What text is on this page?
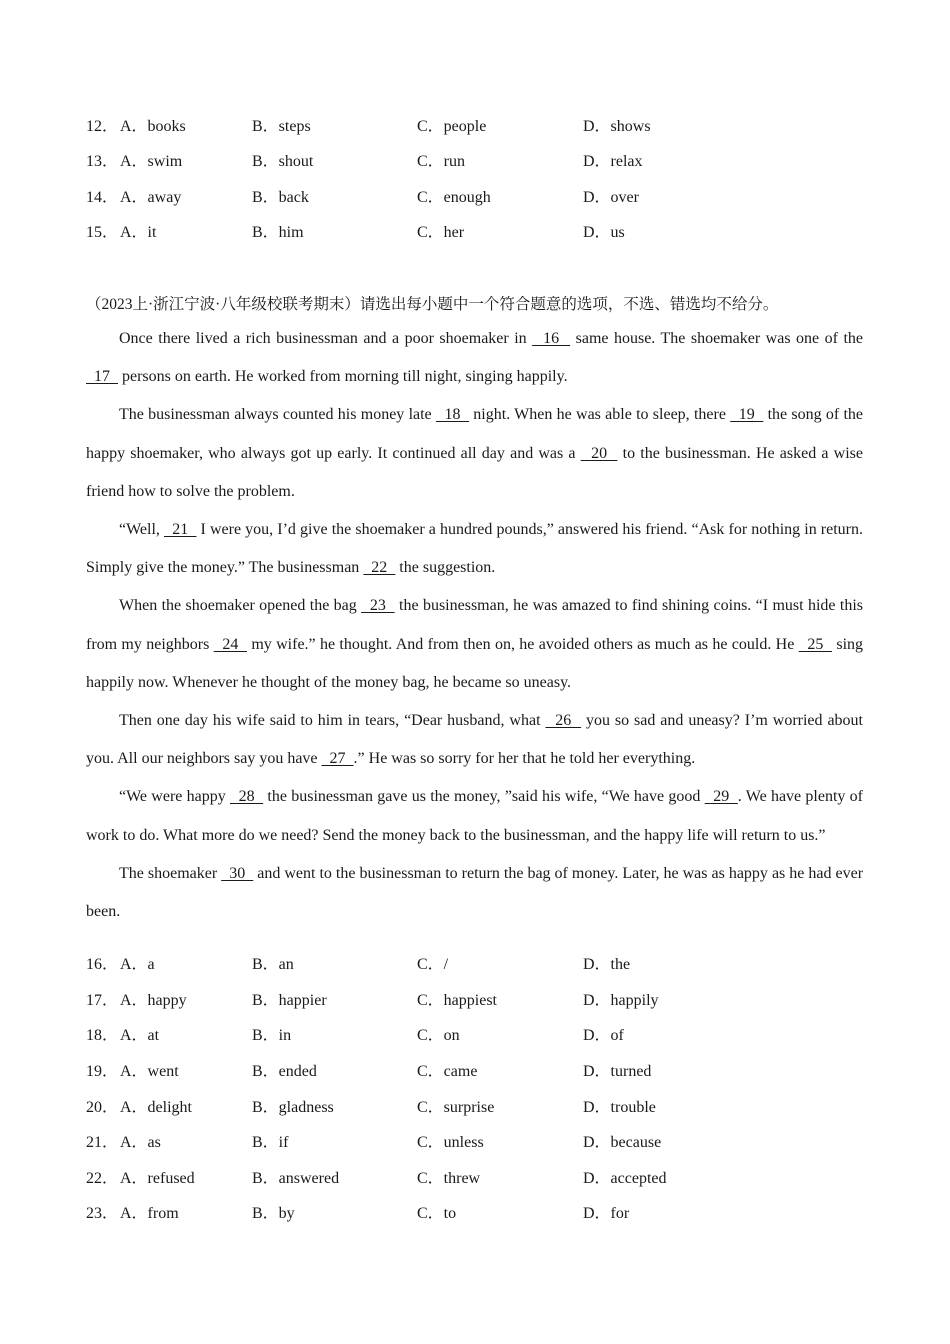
12． A．books	B．steps	C．people	D．shows
13． A．swim	B．shout	C．run	D．relax
14． A．away	B．back	C．enough	D．over
15． A．it	B．him	C．her	D．us
（2023上·浙江宁波·八年级校联考期末）请选出每小题中一个符合题意的选项，不选、错选均不给分。

Once there lived a rich businessman and a poor shoemaker in   16   same house. The shoemaker was one of the   17   persons on earth. He worked from morning till night, singing happily.

The businessman always counted his money late   18   night. When he was able to sleep, there   19   the song of the happy shoemaker, who always got up early. It continued all day and was a   20   to the businessman. He asked a wise friend how to solve the problem.

“Well,   21   I were you, I’d give the shoemaker a hundred pounds,” answered his friend. “Ask for nothing in return. Simply give the money.” The businessman   22   the suggestion.

When the shoemaker opened the bag   23   the businessman, he was amazed to find shining coins. “I must hide this from my neighbors   24   my wife.” he thought. And from then on, he avoided others as much as he could. He   25   sing happily now. Whenever he thought of the money bag, he became so uneasy.

Then one day his wife said to him in tears, “Dear husband, what   26   you so sad and uneasy? I’m worried about you. All our neighbors say you have   27  .” He was so sorry for her that he told her everything.

“We were happy   28   the businessman gave us the money, ”said his wife, “We have good   29  . We have plenty of work to do. What more do we need? Send the money back to the businessman, and the happy life will return to us.”

The shoemaker   30   and went to the businessman to return the bag of money. Later, he was as happy as he had ever been.

16． A．a	B．an	C．/	D．the
17． A．happy	B．happier	C．happiest	D．happily
18． A．at	B．in	C．on	D．of
19． A．went	B．ended	C．came	D．turned
20． A．delight	B．gladness	C．surprise	D．trouble
21． A．as	B．if	C．unless	D．because
22． A．refused	B．answered	C．threw	D．accepted
23． A．from	B．by	C．to	D．for
